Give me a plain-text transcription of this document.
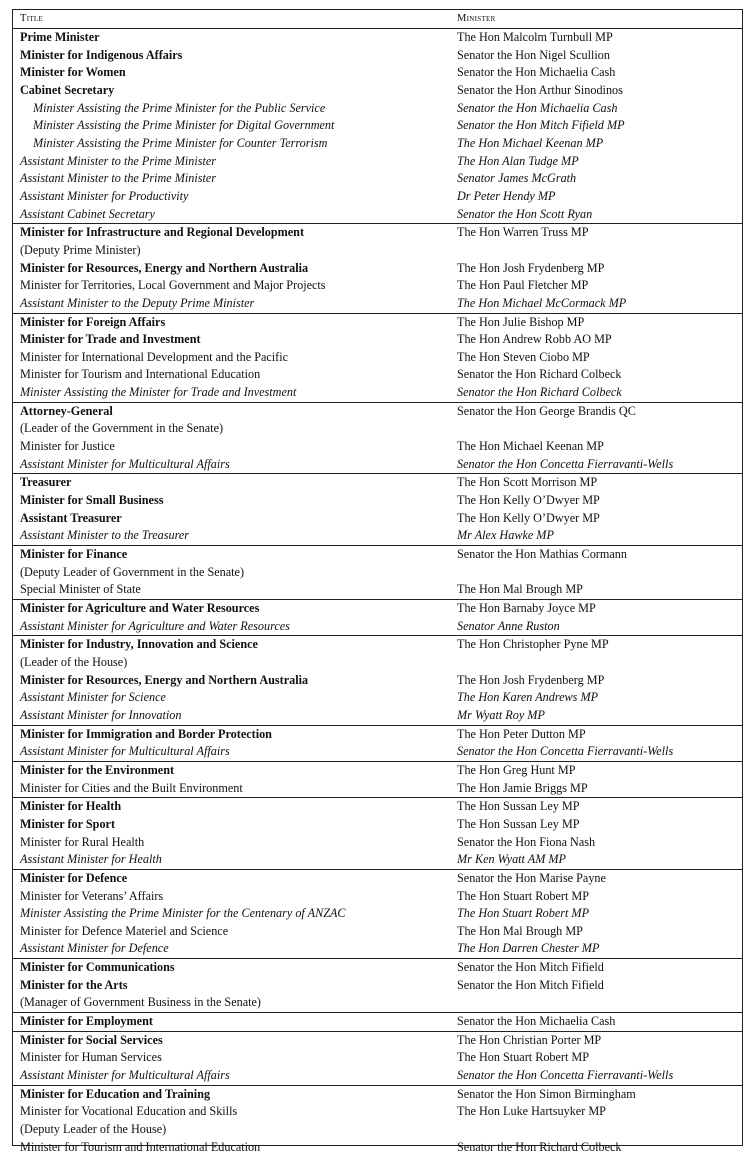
Title	Minister
Prime Minister	The Hon Malcolm Turnbull MP
Minister for Indigenous Affairs	Senator the Hon Nigel Scullion
Minister for Women	Senator the Hon Michaelia Cash
Cabinet Secretary	Senator the Hon Arthur Sinodinos
Minister Assisting the Prime Minister for the Public Service	Senator the Hon Michaelia Cash
Minister Assisting the Prime Minister for Digital Government	Senator the Hon Mitch Fifield MP
Minister Assisting the Prime Minister for Counter Terrorism	The Hon Michael Keenan MP
Assistant Minister to the Prime Minister	The Hon Alan Tudge MP
Assistant Minister to the Prime Minister	Senator James McGrath
Assistant Minister for Productivity	Dr Peter Hendy MP
Assistant Cabinet Secretary	Senator the Hon Scott Ryan
Minister for Infrastructure and Regional Development	The Hon Warren Truss MP
(Deputy Prime Minister)	
Minister for Resources, Energy and Northern Australia	The Hon Josh Frydenberg MP
Minister for Territories, Local Government and Major Projects	The Hon Paul Fletcher MP
Assistant Minister to the Deputy Prime Minister	The Hon Michael McCormack MP
Minister for Foreign Affairs	The Hon Julie Bishop MP
Minister for Trade and Investment	The Hon Andrew Robb AO MP
Minister for International Development and the Pacific	The Hon Steven Ciobo MP
Minister for Tourism and International Education	Senator the Hon Richard Colbeck
Minister Assisting the Minister for Trade and Investment	Senator the Hon Richard Colbeck
Attorney-General	Senator the Hon George Brandis QC
(Leader of the Government in the Senate)	
Minister for Justice	The Hon Michael Keenan MP
Assistant Minister for Multicultural Affairs	Senator the Hon Concetta Fierravanti-Wells
Treasurer	The Hon Scott Morrison MP
Minister for Small Business	The Hon Kelly O’Dwyer MP
Assistant Treasurer	The Hon Kelly O’Dwyer MP
Assistant Minister to the Treasurer	Mr Alex Hawke MP
Minister for Finance	Senator the Hon Mathias Cormann
(Deputy Leader of Government in the Senate)	
Special Minister of State	The Hon Mal Brough MP
Minister for Agriculture and Water Resources	The Hon Barnaby Joyce MP
Assistant Minister for Agriculture and Water Resources	Senator Anne Ruston
Minister for Industry, Innovation and Science	The Hon Christopher Pyne MP
(Leader of the House)	
Minister for Resources, Energy and Northern Australia	The Hon Josh Frydenberg MP
Assistant Minister for Science	The Hon Karen Andrews MP
Assistant Minister for Innovation	Mr Wyatt Roy MP
Minister for Immigration and Border Protection	The Hon Peter Dutton MP
Assistant Minister for Multicultural Affairs	Senator the Hon Concetta Fierravanti-Wells
Minister for the Environment	The Hon Greg Hunt MP
Minister for Cities and the Built Environment	The Hon Jamie Briggs MP
Minister for Health	The Hon Sussan Ley MP
Minister for Sport	The Hon Sussan Ley MP
Minister for Rural Health	Senator the Hon Fiona Nash
Assistant Minister for Health	Mr Ken Wyatt AM MP
Minister for Defence	Senator the Hon Marise Payne
Minister for Veterans’ Affairs	The Hon Stuart Robert MP
Minister Assisting the Prime Minister for the Centenary of ANZAC	The Hon Stuart Robert MP
Minister for Defence Materiel and Science	The Hon Mal Brough MP
Assistant Minister for Defence	The Hon Darren Chester MP
Minister for Communications	Senator the Hon Mitch Fifield
Minister for the Arts	Senator the Hon Mitch Fifield
(Manager of Government Business in the Senate)	
Minister for Employment	Senator the Hon Michaelia Cash
Minister for Social Services	The Hon Christian Porter MP
Minister for Human Services	The Hon Stuart Robert MP
Assistant Minister for Multicultural Affairs	Senator the Hon Concetta Fierravanti-Wells
Minister for Education and Training	Senator the Hon Simon Birmingham
Minister for Vocational Education and Skills	The Hon Luke Hartsuyker MP
(Deputy Leader of the House)	
Minister for Tourism and International Education	Senator the Hon Richard Colbeck
